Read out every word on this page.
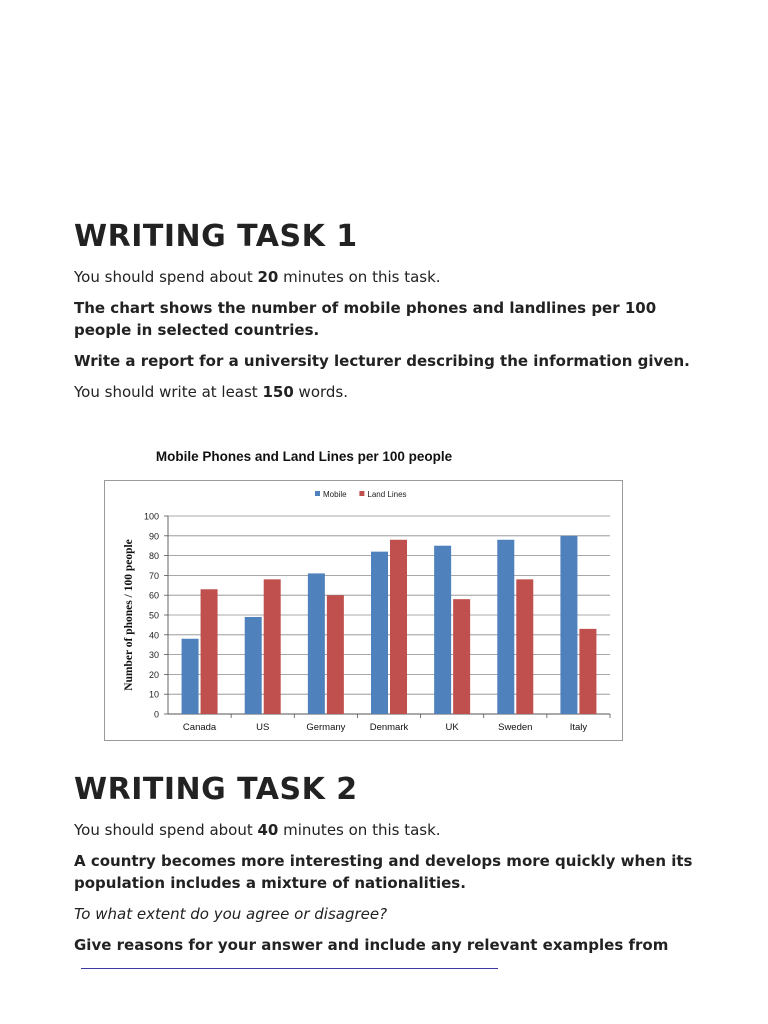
WRITING TASK 1

You should spend about 20 minutes on this task.

The chart shows the number of mobile phones and landlines per 100 people in selected countries.

Write a report for a university lecturer describing the information given.

You should write at least 150 words.

Mobile Phones and Land Lines per 100 people
0
10
20
30
40
50
60
70
80
90
100
Number of phones / 100 people
Canada	US	Germany	Denmark	UK	Sweden	Italy
Mobile	Land Lines
WRITING TASK 2

You should spend about 40 minutes on this task.

A country becomes more interesting and develops more quickly when its population includes a mixture of nationalities.

To what extent do you agree or disagree?

Give reasons for your answer and include any relevant examples from
